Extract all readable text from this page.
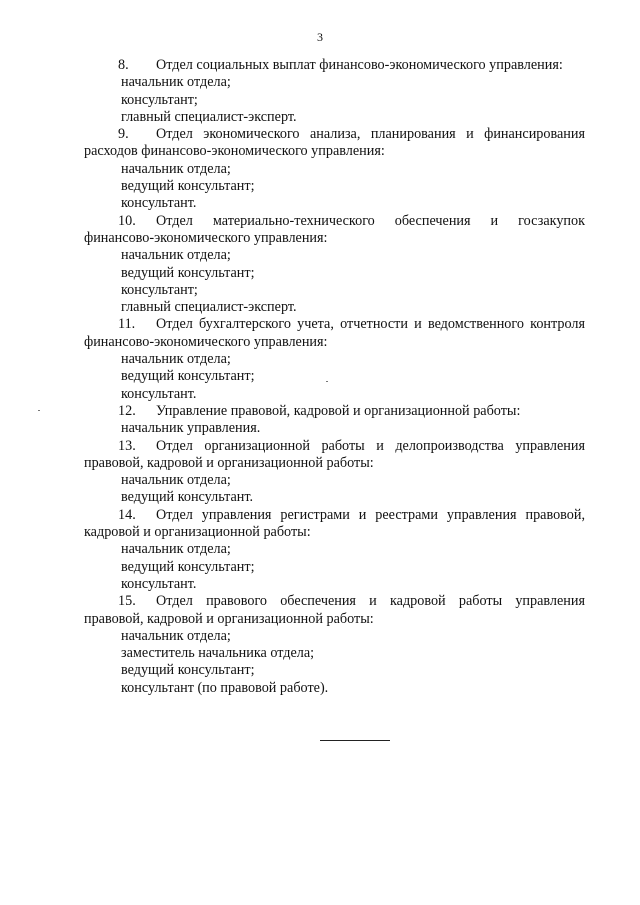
3
8. Отдел социальных выплат финансово-экономического управления:
начальник отдела;
консультант;
главный специалист-эксперт.
9. Отдел экономического анализа, планирования и финансирования расходов финансово-экономического управления:
начальник отдела;
ведущий консультант;
консультант.
10. Отдел материально-технического обеспечения и госзакупок финансово-экономического управления:
начальник отдела;
ведущий консультант;
консультант;
главный специалист-эксперт.
11. Отдел бухгалтерского учета, отчетности и ведомственного контроля финансово-экономического управления:
начальник отдела;
ведущий консультант;
консультант.
12. Управление правовой, кадровой и организационной работы:
начальник управления.
13. Отдел организационной работы и делопроизводства управления правовой, кадровой и организационной работы:
начальник отдела;
ведущий консультант.
14. Отдел управления регистрами и реестрами управления правовой, кадровой и организационной работы:
начальник отдела;
ведущий консультант;
консультант.
15. Отдел правового обеспечения и кадровой работы управления правовой, кадровой и организационной работы:
начальник отдела;
заместитель начальника отдела;
ведущий консультант;
консультант (по правовой работе).
